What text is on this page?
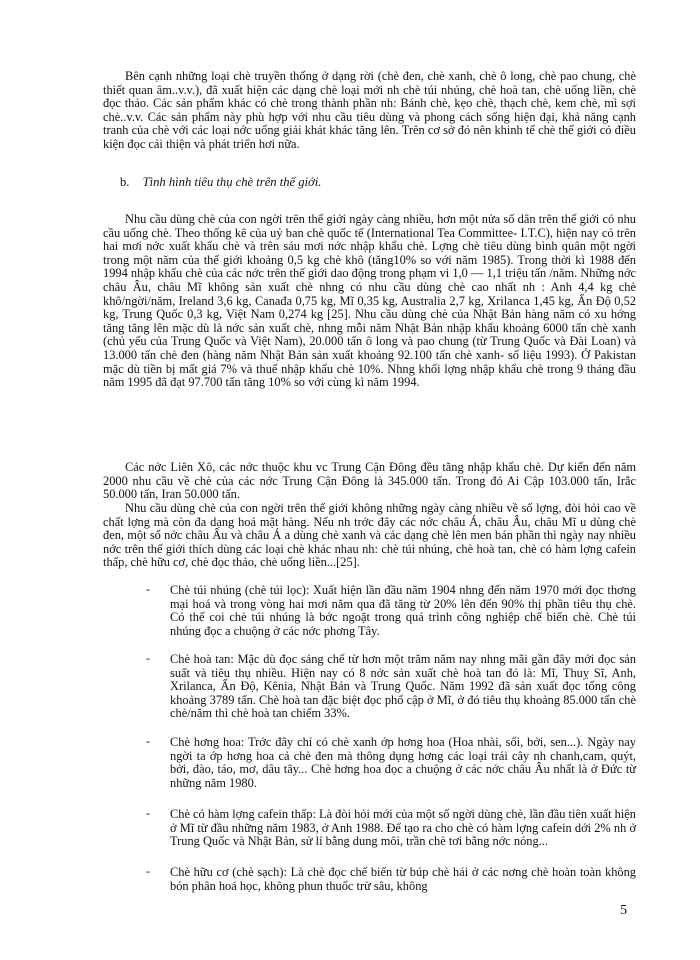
Bên cạnh những loại chè truyền thống ở dạng rời (chè đen, chè xanh, chè ô long, chè pao chung, chè thiết quan âm..v.v.), đã xuất hiện các dạng chè loại mới nh chè túi nhúng, chè hoà tan, chè uống liền, chè đọc thảo. Các sản phẩm khác có chè trong thành phần nh: Bánh chè, kẹo chè, thạch chè, kem chè, mì sợi chè..v.v. Các sản phẩm này phù hợp với nhu cầu tiêu dùng và phong cách sống hiện đại, khả năng cạnh tranh của chè với các loại nớc uống giải khát khác tăng lên. Trên cơ sở đó nên khinh tế chè thế giới có điều kiện đọc cải thiện và phát triển hơi nữa.

b. Tình hình tiêu thụ chè trên thế giới.

Nhu cầu dùng chè của con ngời trên thế giới ngày càng nhiều, hơn một nửa số dân trên thế giới có nhu cầu uống chè. Theo thống kê của uỷ ban chè quốc tế (International Tea Committee- I.T.C), hiện nay có trên hai mơi nớc xuất khẩu chè và trên sáu mơi nớc nhập khẩu chè. Lợng chè tiêu dùng bình quân một ngời trong một năm của thế giới khoảng 0,5 kg chè khô (tăng10% so với năm 1985). Trong thời kì 1988 đến 1994 nhập khẩu chè của các nớc trên thế giới dao động trong phạm vi 1,0 — 1,1 triệu tấn /năm. Những nớc châu Âu, châu Mĩ không sản xuất chè nhng có nhu cầu dùng chè cao nhất nh : Anh 4,4 kg chè khô/ngời/năm, Ireland 3,6 kg, Canađa 0,75 kg, Mĩ 0,35 kg, Australia 2,7 kg, Xrilanca 1,45 kg, Ấn Độ 0,52 kg, Trung Quốc 0,3 kg, Việt Nam 0,274 kg [25]. Nhu cầu dùng chè của Nhật Bản hàng năm có xu hớng tăng tăng lên mặc dù là nớc sản xuất chè, nhng mỗi năm Nhật Bản nhập khẩu khoảng 6000 tấn chè xanh (chủ yếu của Trung Quốc và Việt Nam), 20.000 tấn ô long và pao chung (từ Trung Quốc và Đài Loan) và 13.000 tấn chè đen (hàng năm Nhật Bản sản xuất khoảng 92.100 tấn chè xanh- số liệu 1993). Ở Pakistan mặc dù tiền bị mất giá 7% và thuế nhập khẩu chè 10%. Nhng khối lợng nhập khẩu chè trong 9 tháng đầu năm 1995 đã đạt 97.700 tấn tăng 10% so với cùng kì năm 1994.

Các nớc Liên Xô, các nớc thuộc khu vc Trung Cận Đông đều tăng nhập khẩu chè. Dự kiến đến năm 2000 nhu cầu về chè của các nớc Trung Cận Đông là 345.000 tấn. Trong đó Ai Cập 103.000 tấn, Irắc 50.000 tấn, Iran 50.000 tấn.

Nhu cầu dùng chè của con ngời trên thế giới không những ngày càng nhiều về số lợng, đòi hỏi cao về chất lợng mà còn đa dạng hoá mặt hàng. Nếu nh trớc đây các nớc châu Á, châu Âu, châu Mĩ u dùng chè đen, một số nớc châu Âu và châu Á a dùng chè xanh và các dạng chè lên men bán phần thì ngày nay nhiều nớc trên thế giới thích dùng các loại chè khác nhau nh: chè túi nhúng, chè hoà tan, chè có hàm lợng cafein thấp, chè hữu cơ, chè đọc thảo, chè uống liền...[25].

- Chè túi nhúng (chè túi lọc): Xuất hiện lần đầu năm 1904 nhng đến năm 1970 mới đọc thơng mại hoá và trong vòng hai mơi năm qua đã tăng từ 20% lên đến 90% thị phần tiêu thụ chè. Có thể coi chè túi nhúng là bớc ngoặt trong quá trình công nghiệp chế biến chè. Chè túi nhúng đọc a chuộng ở các nớc phơng Tây.

- Chè hoà tan: Mặc dù đọc sáng chế từ hơn một trăm năm nay nhng mãi gần đây mới đọc sản suất và tiêu thụ nhiều. Hiện nay có 8 nớc sản xuất chè hoà tan đó là: Mĩ, Thuỵ Sĩ, Anh, Xrilanca, Ấn Độ, Kênia, Nhật Bản và Trung Quốc. Năm 1992 đã sản xuất đọc tổng công khoảng 3789 tấn. Chè hoà tan đặc biệt đọc phổ cập ở Mĩ, ở đó tiêu thụ khoảng 85.000 tấn chè chè/năm thì chè hoà tan chiếm 33%.

- Chè hơng hoa: Trớc đây chỉ có chè xanh ớp hơng hoa (Hoa nhài, sối, bởi, sen...). Ngày nay ngời ta ớp hơng hoa cả chè đen mà thông dụng hơng các loại trái cây nh chanh,cam, quýt, bởi, đào, táo, mơ, dâu tây... Chè hơng hoa đọc a chuộng ở các nớc châu Âu nhất là ở Đức từ những năm 1980.

- Chè có hàm lợng cafein thấp: Là đòi hỏi mới của một số ngời dùng chè, lần đầu tiên xuất hiện ở Mĩ từ đầu những năm 1983, ở Anh 1988. Để tạo ra cho chè có hàm lợng cafein dới 2% nh ở Trung Quốc và Nhật Bản, sử lí bằng dung môi, trần chè tơi bằng nớc nóng...

- Chè hữu cơ (chè sạch): Là chè đọc chế biến từ búp chè hái ở các nơng chè hoàn toàn không bón phân hoá học, không phun thuốc trừ sâu, không

5
